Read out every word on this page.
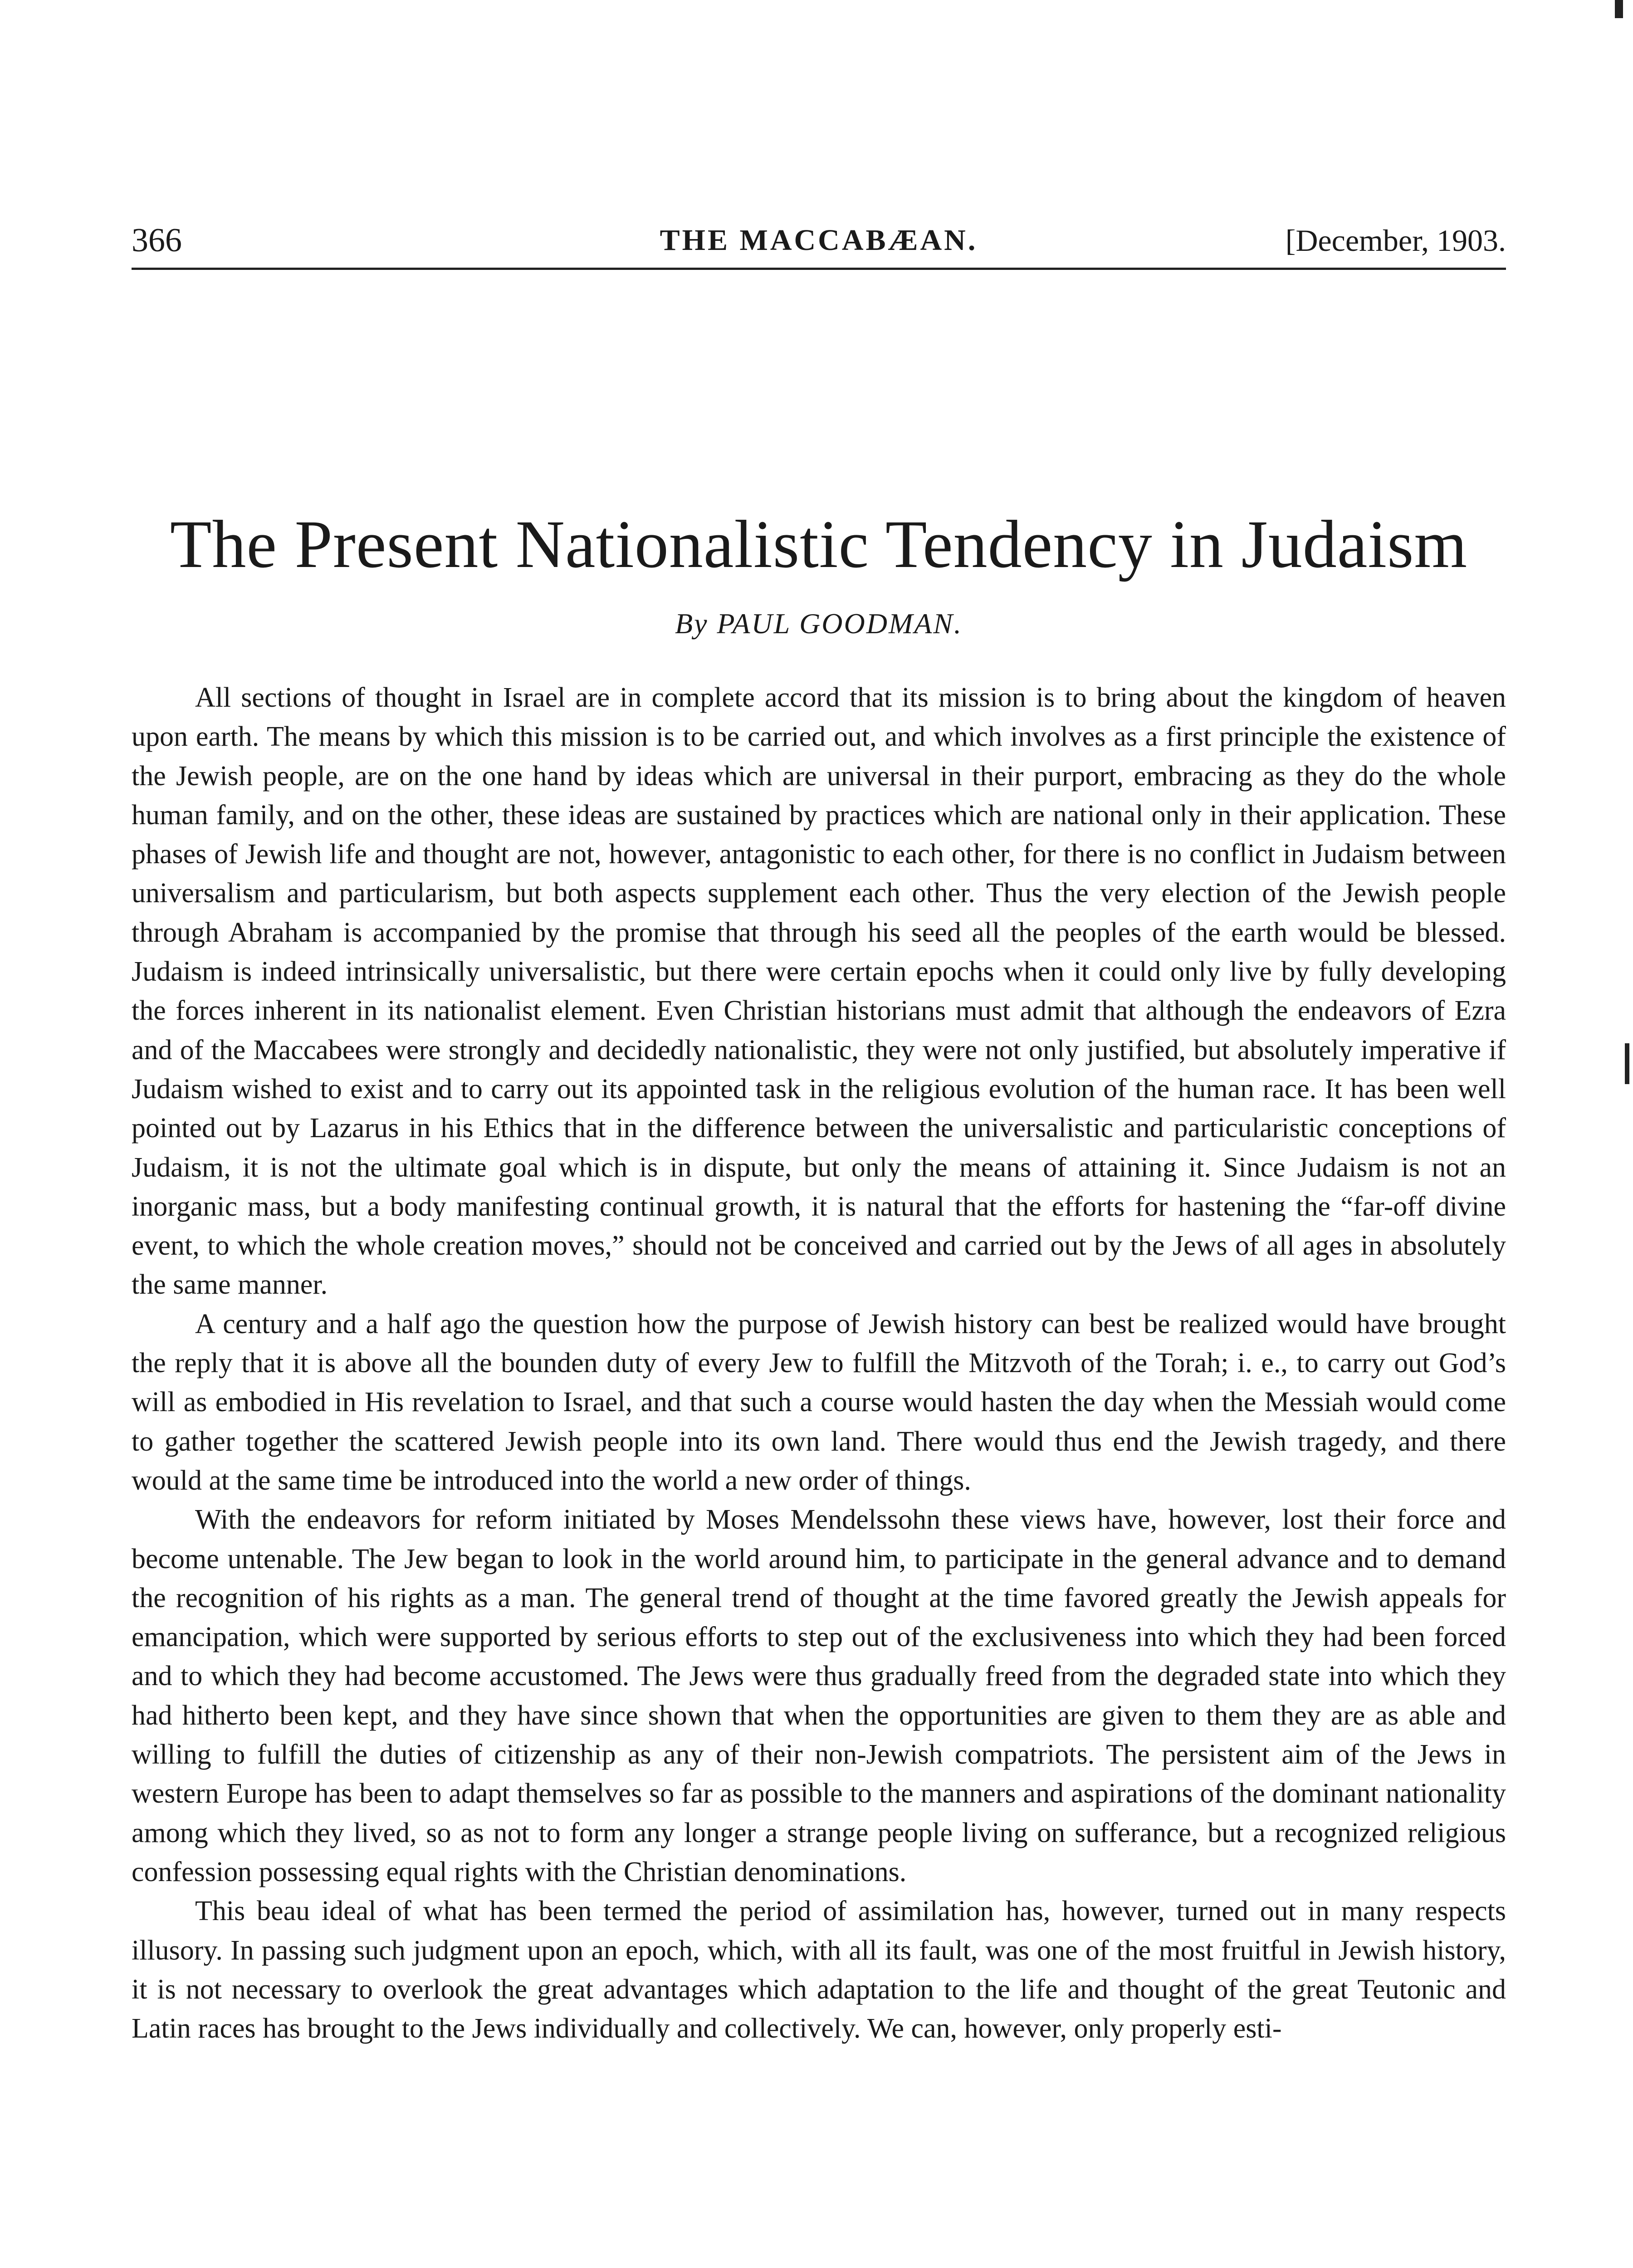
366	THE MACCABÆAN.	[December, 1903.
The Present Nationalistic Tendency in Judaism
By PAUL GOODMAN.

All sections of thought in Israel are in complete accord that its mission is to bring about the kingdom of heaven upon earth. The means by which this mission is to be carried out, and which involves as a first principle the existence of the Jewish people, are on the one hand by ideas which are universal in their purport, embracing as they do the whole human family, and on the other, these ideas are sustained by practices which are national only in their application. These phases of Jewish life and thought are not, however, antagonistic to each other, for there is no conflict in Judaism between universalism and particularism, but both aspects supplement each other. Thus the very election of the Jewish people through Abraham is accompanied by the promise that through his seed all the peoples of the earth would be blessed. Judaism is indeed intrinsically universalistic, but there were certain epochs when it could only live by fully developing the forces inherent in its nationalist element. Even Christian historians must admit that although the endeavors of Ezra and of the Maccabees were strongly and decidedly nationalistic, they were not only justified, but absolutely imperative if Judaism wished to exist and to carry out its appointed task in the religious evolution of the human race. It has been well pointed out by Lazarus in his Ethics that in the difference between the universalistic and particularistic conceptions of Judaism, it is not the ultimate goal which is in dispute, but only the means of attaining it. Since Judaism is not an inorganic mass, but a body manifesting continual growth, it is natural that the efforts for hastening the “far-off divine event, to which the whole creation moves,” should not be conceived and carried out by the Jews of all ages in absolutely the same manner.

A century and a half ago the question how the purpose of Jewish history can best be realized would have brought the reply that it is above all the bounden duty of every Jew to fulfill the Mitzvoth of the Torah; i. e., to carry out God’s will as embodied in His revelation to Israel, and that such a course would hasten the day when the Messiah would come to gather together the scattered Jewish people into its own land. There would thus end the Jewish tragedy, and there would at the same time be introduced into the world a new order of things.

With the endeavors for reform initiated by Moses Mendelssohn these views have, however, lost their force and become untenable. The Jew began to look in the world around him, to participate in the general advance and to demand the recognition of his rights as a man. The general trend of thought at the time favored greatly the Jewish appeals for emancipation, which were supported by serious efforts to step out of the exclusiveness into which they had been forced and to which they had become accustomed. The Jews were thus gradually freed from the degraded state into which they had hitherto been kept, and they have since shown that when the opportunities are given to them they are as able and willing to fulfill the duties of citizenship as any of their non-Jewish compatriots. The persistent aim of the Jews in western Europe has been to adapt themselves so far as possible to the manners and aspirations of the dominant nationality among which they lived, so as not to form any longer a strange people living on sufferance, but a recognized religious confession possessing equal rights with the Christian denominations.

This beau ideal of what has been termed the period of assimilation has, however, turned out in many respects illusory. In passing such judgment upon an epoch, which, with all its fault, was one of the most fruitful in Jewish history, it is not necessary to overlook the great advantages which adaptation to the life and thought of the great Teutonic and Latin races has brought to the Jews individually and collectively. We can, however, only properly esti-
